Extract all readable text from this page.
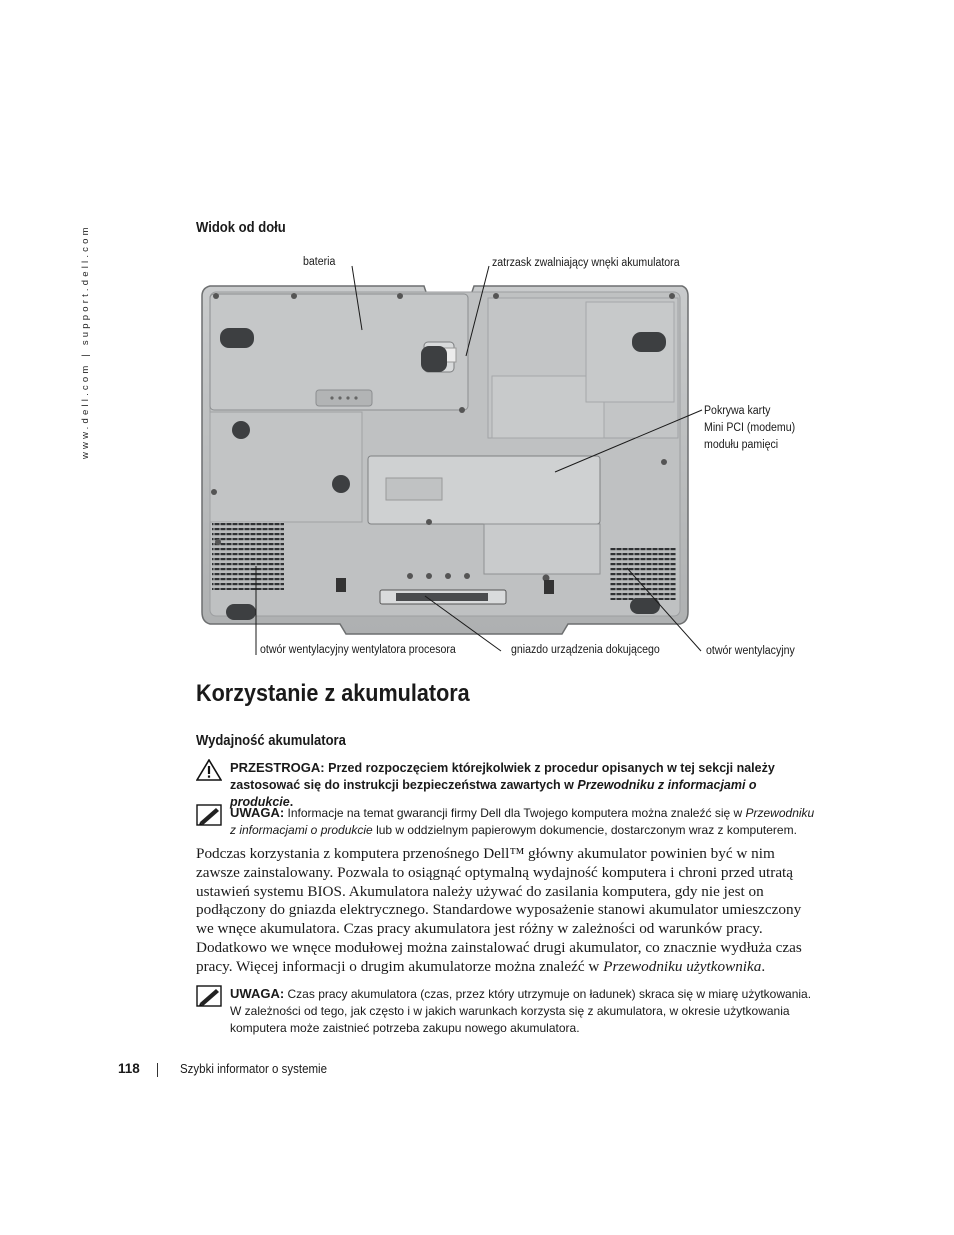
www.dell.com | support.dell.com	Widok od dołu
bateria	zatrzask zwalniający wnęki akumulatora
Pokrywa karty
Mini PCI (modemu)
modułu pamięci
otwór wentylacyjny wentylatora procesora	gniazdo urządzenia dokującego	otwór wentylacyjny
Korzystanie z akumulatora
Wydajność akumulatora
PRZESTROGA: Przed rozpoczęciem którejkolwiek z procedur opisanych w tej sekcji należy zastosować się do instrukcji bezpieczeństwa zawartych w Przewodniku z informacjami o produkcie.
UWAGA: Informacje na temat gwarancji firmy Dell dla Twojego komputera można znaleźć się w Przewodniku z informacjami o produkcie lub w oddzielnym papierowym dokumencie, dostarczonym wraz z komputerem.
Podczas korzystania z komputera przenośnego Dell™ główny akumulator powinien być w nim zawsze zainstalowany. Pozwala to osiągnąć optymalną wydajność komputera i chroni przed utratą ustawień systemu BIOS. Akumulatora należy używać do zasilania komputera, gdy nie jest on podłączony do gniazda elektrycznego. Standardowe wyposażenie stanowi akumulator umieszczony we wnęce akumulatora. Czas pracy akumulatora jest różny w zależności od warunków pracy. Dodatkowo we wnęce modułowej można zainstalować drugi akumulator, co znacznie wydłuża czas pracy. Więcej informacji o drugim akumulatorze można znaleźć w Przewodniku użytkownika.
UWAGA: Czas pracy akumulatora (czas, przez który utrzymuje on ładunek) skraca się w miarę użytkowania. W zależności od tego, jak często i w jakich warunkach korzysta się z akumulatora, w okresie użytkowania komputera może zaistnieć potrzeba zakupu nowego akumulatora.
118	Szybki informator o systemie
